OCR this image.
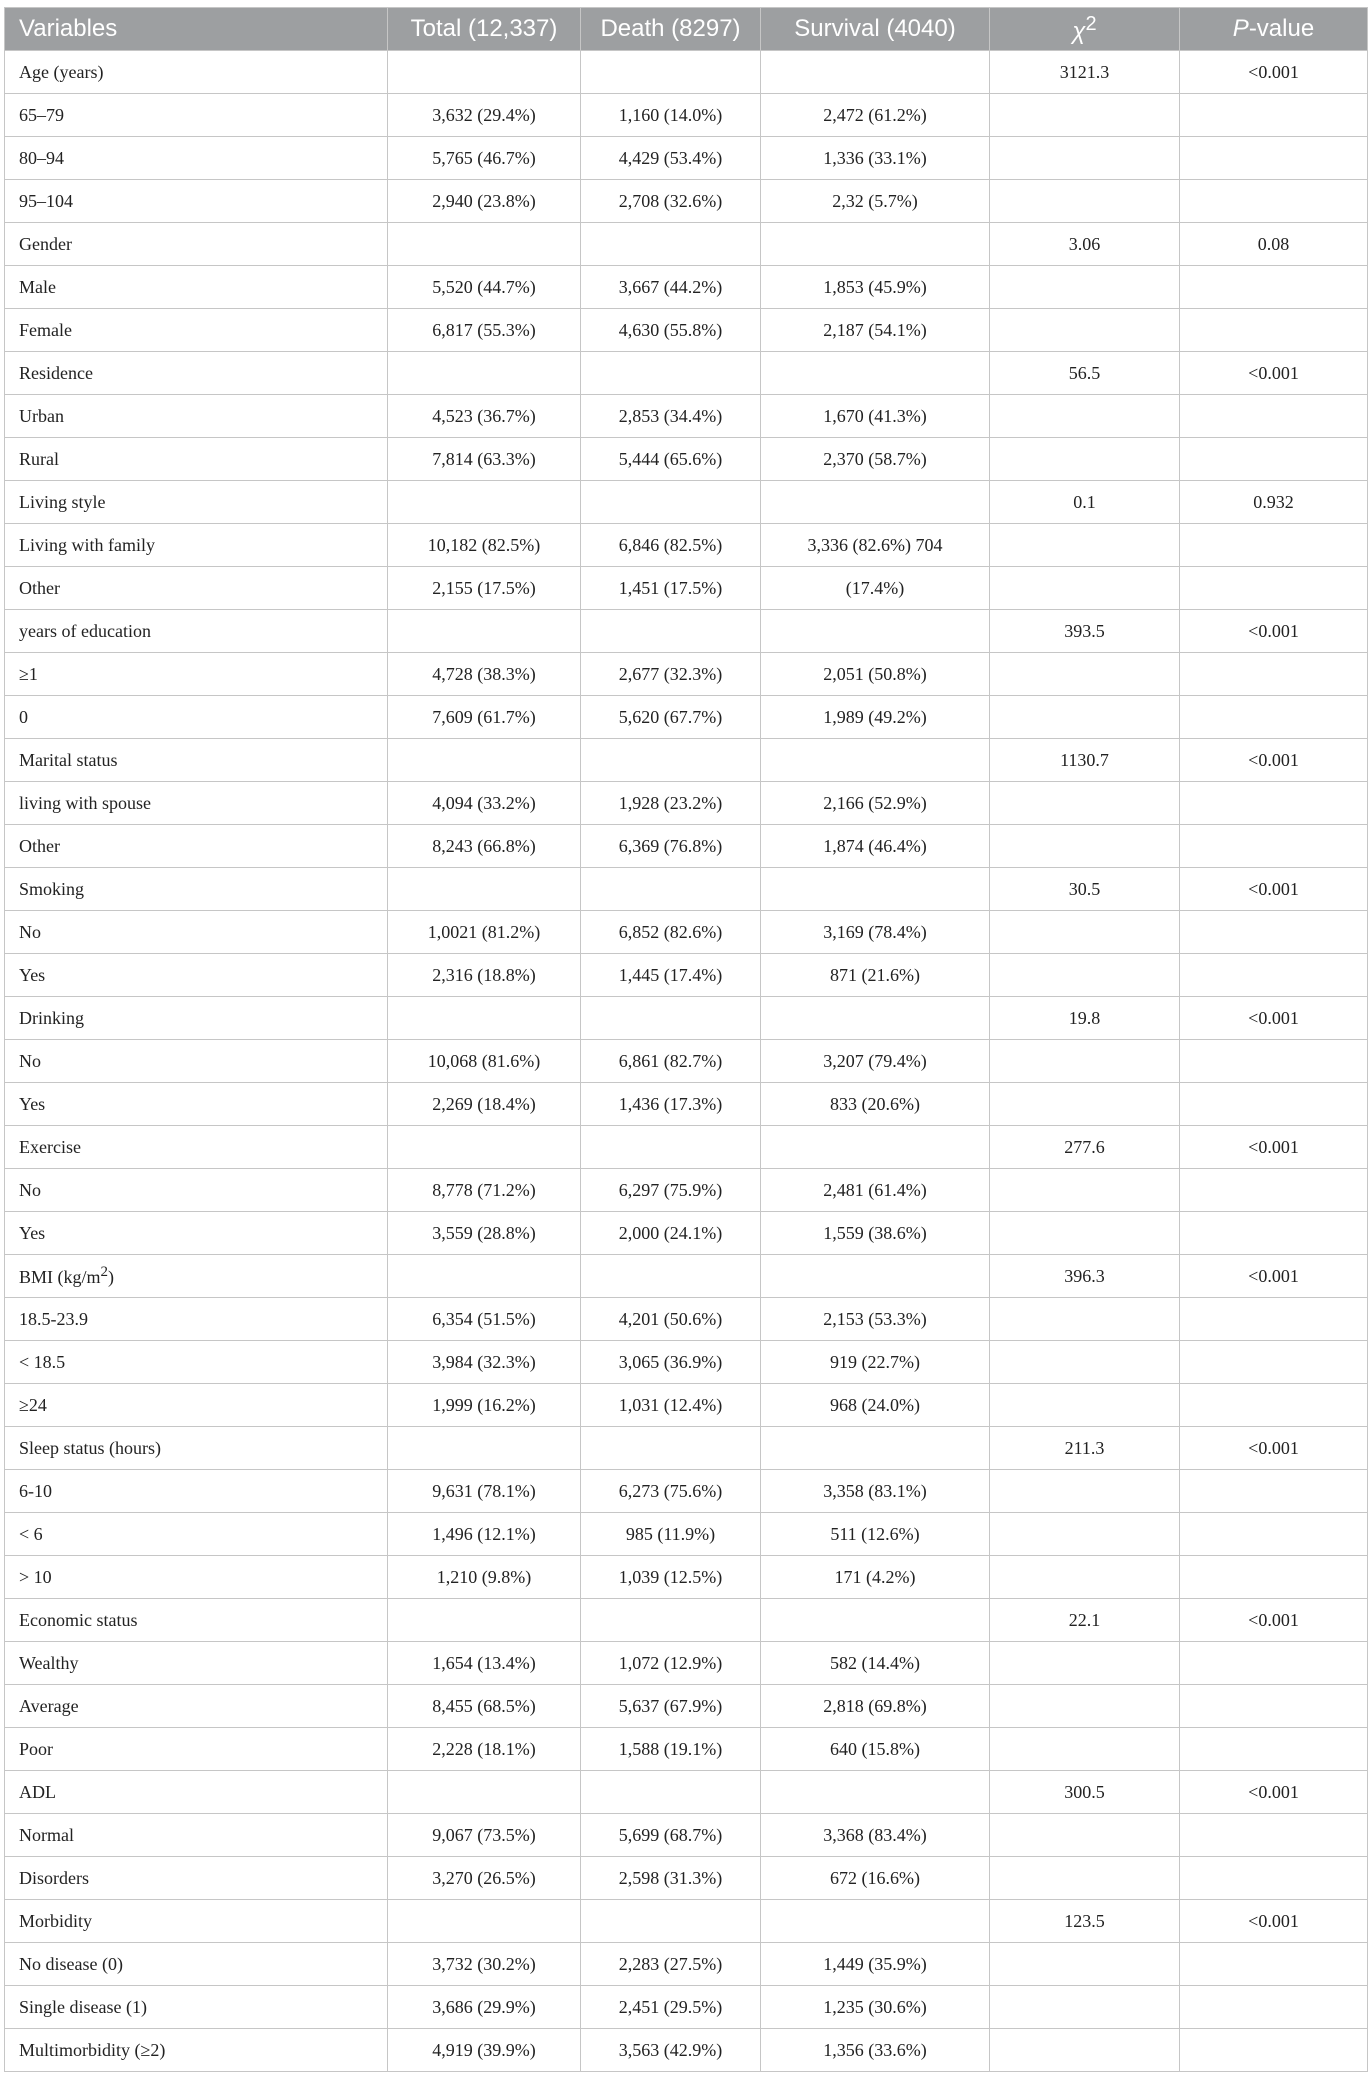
Variables	Total (12,337)	Death (8297)	Survival (4040)	$\chi^2$	P-value
Age (years)				3121.3	<0.001
65–79	3,632 (29.4%)	1,160 (14.0%)	2,472 (61.2%)		
80–94	5,765 (46.7%)	4,429 (53.4%)	1,336 (33.1%)		
95–104	2,940 (23.8%)	2,708 (32.6%)	2,32 (5.7%)		
Gender				3.06	0.08
Male	5,520 (44.7%)	3,667 (44.2%)	1,853 (45.9%)		
Female	6,817 (55.3%)	4,630 (55.8%)	2,187 (54.1%)		
Residence				56.5	<0.001
Urban	4,523 (36.7%)	2,853 (34.4%)	1,670 (41.3%)		
Rural	7,814 (63.3%)	5,444 (65.6%)	2,370 (58.7%)		
Living style				0.1	0.932
Living with family	10,182 (82.5%)	6,846 (82.5%)	3,336 (82.6%) 704		
Other	2,155 (17.5%)	1,451 (17.5%)	(17.4%)		
years of education				393.5	<0.001
≥1	4,728 (38.3%)	2,677 (32.3%)	2,051 (50.8%)		
0	7,609 (61.7%)	5,620 (67.7%)	1,989 (49.2%)		
Marital status				1130.7	<0.001
living with spouse	4,094 (33.2%)	1,928 (23.2%)	2,166 (52.9%)		
Other	8,243 (66.8%)	6,369 (76.8%)	1,874 (46.4%)		
Smoking				30.5	<0.001
No	1,0021 (81.2%)	6,852 (82.6%)	3,169 (78.4%)		
Yes	2,316 (18.8%)	1,445 (17.4%)	871 (21.6%)		
Drinking				19.8	<0.001
No	10,068 (81.6%)	6,861 (82.7%)	3,207 (79.4%)		
Yes	2,269 (18.4%)	1,436 (17.3%)	833 (20.6%)		
Exercise				277.6	<0.001
No	8,778 (71.2%)	6,297 (75.9%)	2,481 (61.4%)		
Yes	3,559 (28.8%)	2,000 (24.1%)	1,559 (38.6%)		
BMI $(kg/m^2)$				396.3	<0.001
18.5-23.9	6,354 (51.5%)	4,201 (50.6%)	2,153 (53.3%)		
< 18.5	3,984 (32.3%)	3,065 (36.9%)	919 (22.7%)		
≥24	1,999 (16.2%)	1,031 (12.4%)	968 (24.0%)		
Sleep status (hours)				211.3	<0.001
6-10	9,631 (78.1%)	6,273 (75.6%)	3,358 (83.1%)		
< 6	1,496 (12.1%)	985 (11.9%)	511 (12.6%)		
> 10	1,210 (9.8%)	1,039 (12.5%)	171 (4.2%)		
Economic status				22.1	<0.001
Wealthy	1,654 (13.4%)	1,072 (12.9%)	582 (14.4%)		
Average	8,455 (68.5%)	5,637 (67.9%)	2,818 (69.8%)		
Poor	2,228 (18.1%)	1,588 (19.1%)	640 (15.8%)		
ADL				300.5	<0.001
Normal	9,067 (73.5%)	5,699 (68.7%)	3,368 (83.4%)		
Disorders	3,270 (26.5%)	2,598 (31.3%)	672 (16.6%)		
Morbidity				123.5	<0.001
No disease (0)	3,732 (30.2%)	2,283 (27.5%)	1,449 (35.9%)		
Single disease (1)	3,686 (29.9%)	2,451 (29.5%)	1,235 (30.6%)		
Multimorbidity (≥2)	4,919 (39.9%)	3,563 (42.9%)	1,356 (33.6%)		
